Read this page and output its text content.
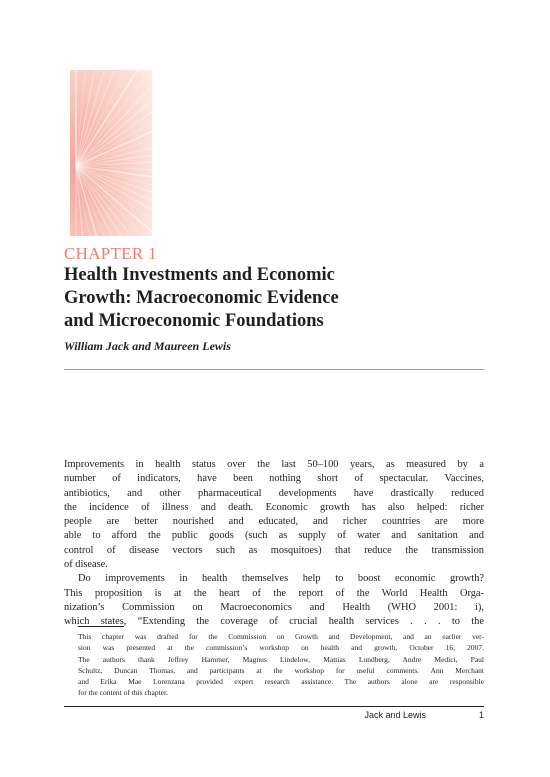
CHAPTER 1
Health Investments and Economic
Growth: Macroeconomic Evidence
and Microeconomic Foundations
William Jack and Maureen Lewis
Improvements in health status over the last 50–100 years, as measured by a
number of indicators, have been nothing short of spectacular. Vaccines,
antibiotics, and other pharmaceutical developments have drastically reduced
the incidence of illness and death. Economic growth has also helped: richer
people are better nourished and educated, and richer countries are more
able to afford the public goods (such as supply of water and sanitation and
control of disease vectors such as mosquitoes) that reduce the transmission
of disease.
Do improvements in health themselves help to boost economic growth?
This proposition is at the heart of the report of the World Health Orga-
nization’s Commission on Macroeconomics and Health (WHO 2001: i),
which states, “Extending the coverage of crucial health services . . . to the
This chapter was drafted for the Commission on Growth and Development, and an earlier ver-
sion was presented at the commission’s workshop on health and growth, October 16, 2007.
The authors thank Jeffrey Hammer, Magnus Lindelow, Mattias Lundberg, Andre Medici, Paul
Schultz, Duncan Thomas, and participants at the workshop for useful comments. Ann Merchant
and Erika Mae Lorenzana provided expert research assistance. The authors alone are responsible
for the content of this chapter.
Jack and Lewis	1
